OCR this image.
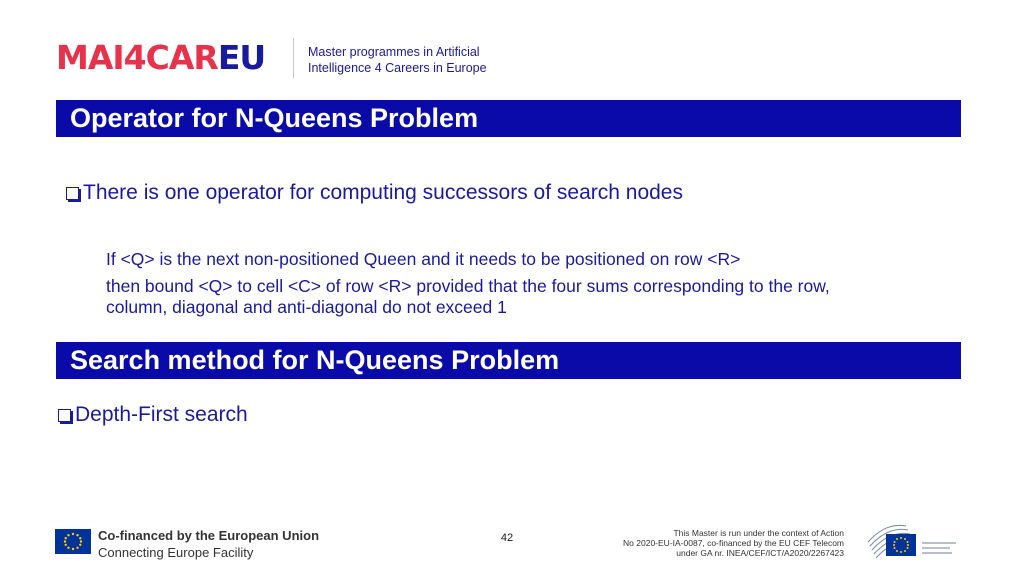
MAI 4 CAR EU	Master programmes in Artificial
Intelligence 4 Careers in Europe
Operator for N-Queens Problem
There is one operator for computing successors of search nodes
If <Q> is the next non-positioned Queen and it needs to be positioned on row <R>
then bound <Q> to cell <C> of row <R> provided that the four sums corresponding to the row,
column, diagonal and anti-diagonal do not exceed 1
Search method for N-Queens Problem
Depth-First search
Co-financed by the European Union
Connecting Europe Facility
42	This Master is run under the context of Action
No 2020-EU-IA-0087, co-financed by the EU CEF Telecom
under GA nr. INEA/CEF/ICT/A2020/2267423
